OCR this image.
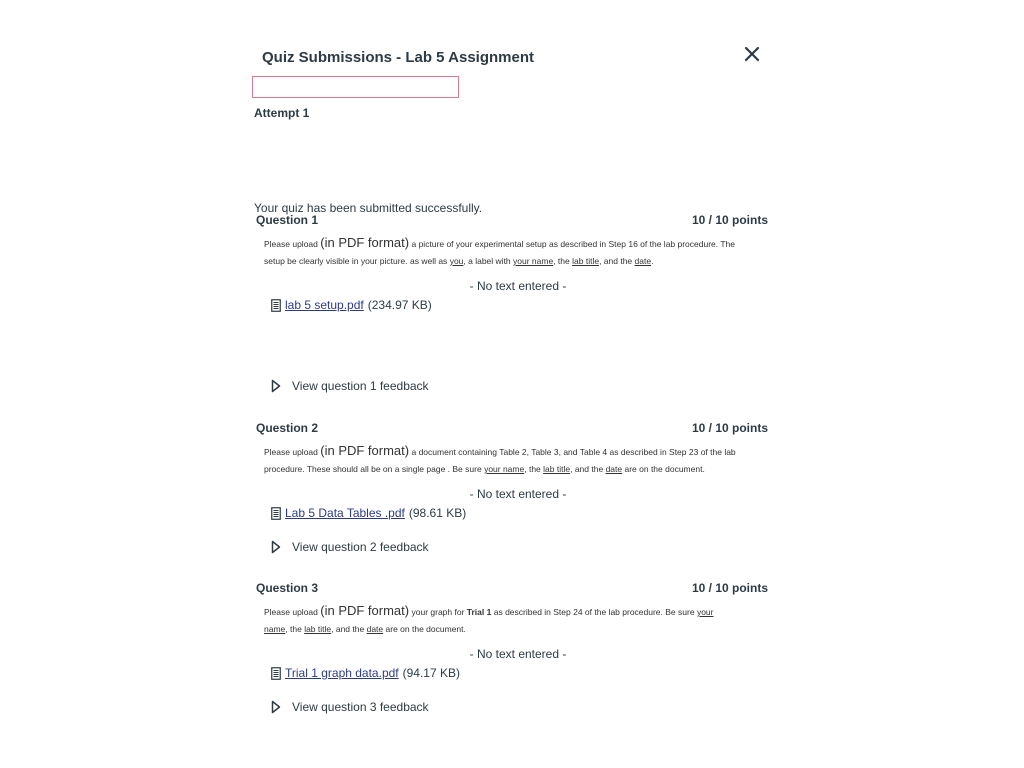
Quiz Submissions - Lab 5 Assignment
Attempt 1
Your quiz has been submitted successfully.
Question 1	10 / 10 points
Please upload (in PDF format) a picture of your experimental setup as described in Step 16 of the lab procedure. The
setup be clearly visible in your picture. as well as you, a label with your name, the lab title, and the date.
- No text entered -
lab 5 setup.pdf (234.97 KB)
View question 1 feedback
Question 2	10 / 10 points
Please upload (in PDF format) a document containing Table 2, Table 3, and Table 4 as described in Step 23 of the lab
procedure. These should all be on a single page . Be sure your name, the lab title, and the date are on the document.
- No text entered -
Lab 5 Data Tables .pdf (98.61 KB)
View question 2 feedback
Question 3	10 / 10 points
Please upload (in PDF format) your graph for Trial 1 as described in Step 24 of the lab procedure. Be sure your
name, the lab title, and the date are on the document.
- No text entered -
Trial 1 graph data.pdf (94.17 KB)
View question 3 feedback
